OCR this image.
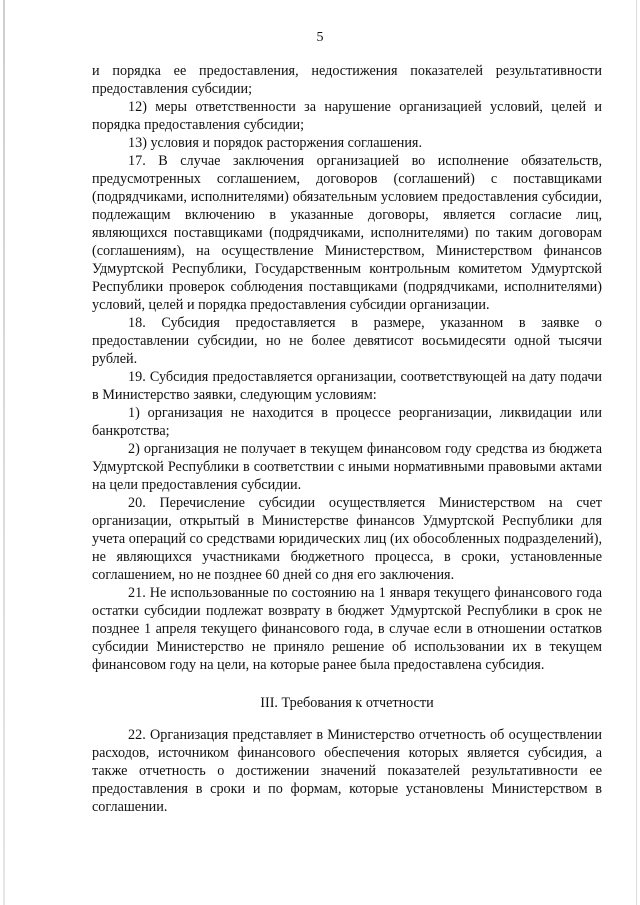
5

и порядка ее предоставления, недостижения показателей результативности предоставления субсидии;

12) меры ответственности за нарушение организацией условий, целей и порядка предоставления субсидии;

13) условия и порядок расторжения соглашения.

17. В случае заключения организацией во исполнение обязательств, предусмотренных соглашением, договоров (соглашений) с поставщиками (подрядчиками, исполнителями) обязательным условием предоставления субсидии, подлежащим включению в указанные договоры, является согласие лиц, являющихся поставщиками (подрядчиками, исполнителями) по таким договорам (соглашениям), на осуществление Министерством, Министерством финансов Удмуртской Республики, Государственным контрольным комитетом Удмуртской Республики проверок соблюдения поставщиками (подрядчиками, исполнителями) условий, целей и порядка предоставления субсидии организации.

18. Субсидия предоставляется в размере, указанном в заявке о предоставлении субсидии, но не более девятисот восьмидесяти одной тысячи рублей.

19. Субсидия предоставляется организации, соответствующей на дату подачи в Министерство заявки, следующим условиям:

1) организация не находится в процессе реорганизации, ликвидации или банкротства;

2) организация не получает в текущем финансовом году средства из бюджета Удмуртской Республики в соответствии с иными нормативными правовыми актами на цели предоставления субсидии.

20. Перечисление субсидии осуществляется Министерством на счет организации, открытый в Министерстве финансов Удмуртской Республики для учета операций со средствами юридических лиц (их обособленных подразделений), не являющихся участниками бюджетного процесса, в сроки, установленные соглашением, но не позднее 60 дней со дня его заключения.

21. Не использованные по состоянию на 1 января текущего финансового года остатки субсидии подлежат возврату в бюджет Удмуртской Республики в срок не позднее 1 апреля текущего финансового года, в случае если в отношении остатков субсидии Министерство не приняло решение об использовании их в текущем финансовом году на цели, на которые ранее была предоставлена субсидия.

III. Требования к отчетности

22. Организация представляет в Министерство отчетность об осуществлении расходов, источником финансового обеспечения которых является субсидия, а также отчетность о достижении значений показателей результативности ее предоставления в сроки и по формам, которые установлены Министерством в соглашении.
